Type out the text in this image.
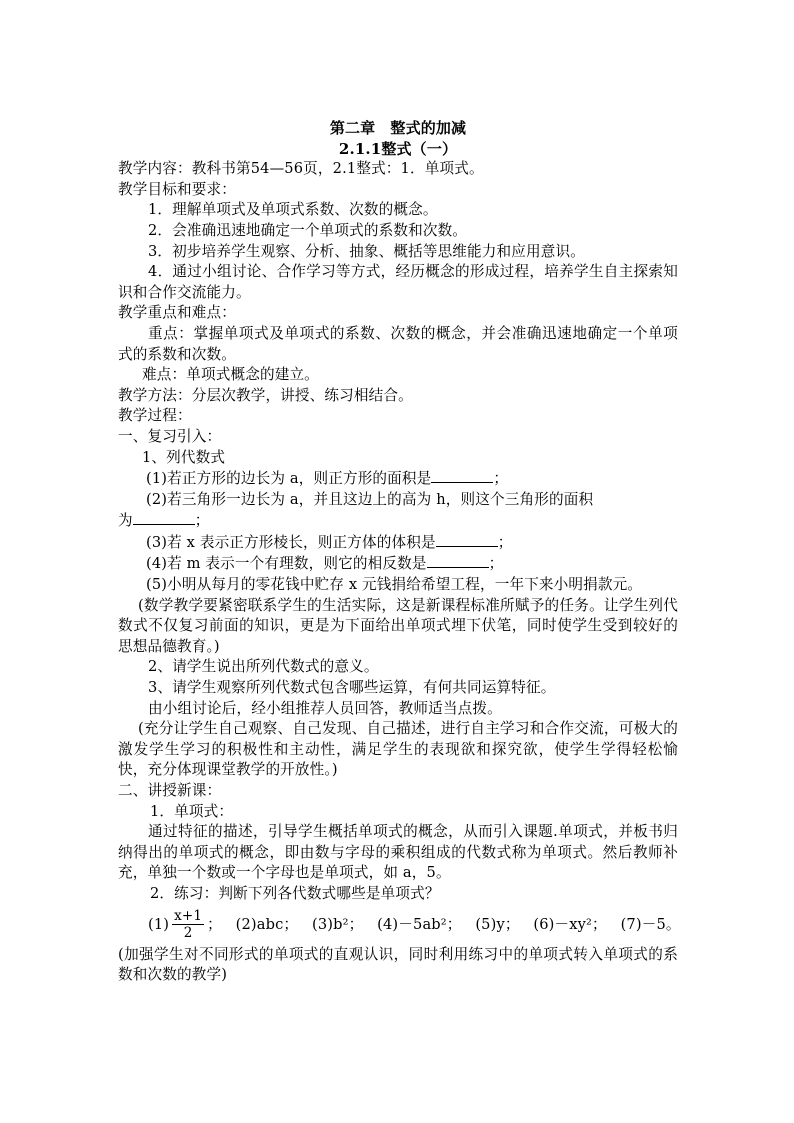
第二章　整式的加减
2.1.1整式（一）
教学内容：教科书第54—56页，2.1整式：1．单项式。
教学目标和要求：
1．理解单项式及单项式系数、次数的概念。
2．会准确迅速地确定一个单项式的系数和次数。
3．初步培养学生观察、分析、抽象、概括等思维能力和应用意识。
4．通过小组讨论、合作学习等方式，经历概念的形成过程，培养学生自主探索知识和合作交流能力。
教学重点和难点：
重点：掌握单项式及单项式的系数、次数的概念，并会准确迅速地确定一个单项式的系数和次数。
难点：单项式概念的建立。
教学方法：分层次教学，讲授、练习相结合。
教学过程：
一、复习引入：
1、列代数式
(1)若正方形的边长为 a，则正方形的面积是	；
(2)若三角形一边长为 a，并且这边上的高为 h，则这个三角形的面积
为	；
(3)若 x 表示正方形棱长，则正方体的体积是	；
(4)若 m 表示一个有理数，则它的相反数是	；
(5)小明从每月的零花钱中贮存 x 元钱捐给希望工程，一年下来小明捐款元。
(数学教学要紧密联系学生的生活实际，这是新课程标准所赋予的任务。让学生列代数式不仅复习前面的知识，更是为下面给出单项式埋下伏笔，同时使学生受到较好的思想品德教育。)
2、请学生说出所列代数式的意义。
3、请学生观察所列代数式包含哪些运算，有何共同运算特征。
由小组讨论后，经小组推荐人员回答，教师适当点拨。
(充分让学生自己观察、自己发现、自己描述，进行自主学习和合作交流，可极大的激发学生学习的积极性和主动性，满足学生的表现欲和探究欲，使学生学得轻松愉快，充分体现课堂教学的开放性。)
二、讲授新课：
1．单项式：
通过特征的描述，引导学生概括单项式的概念，从而引入课题.单项式，并板书归纳得出的单项式的概念，即由数与字母的乘积组成的代数式称为单项式。然后教师补充，单独一个数或一个字母也是单项式，如 a，5。
2．练习：判断下列各代数式哪些是单项式？
$(1) \frac{x+1}{2}$ ； (2)abc； (3)b²； (4)－5ab²； (5)y； (6)－xy²； (7)－5。
(加强学生对不同形式的单项式的直观认识，同时利用练习中的单项式转入单项式的系数和次数的教学)
